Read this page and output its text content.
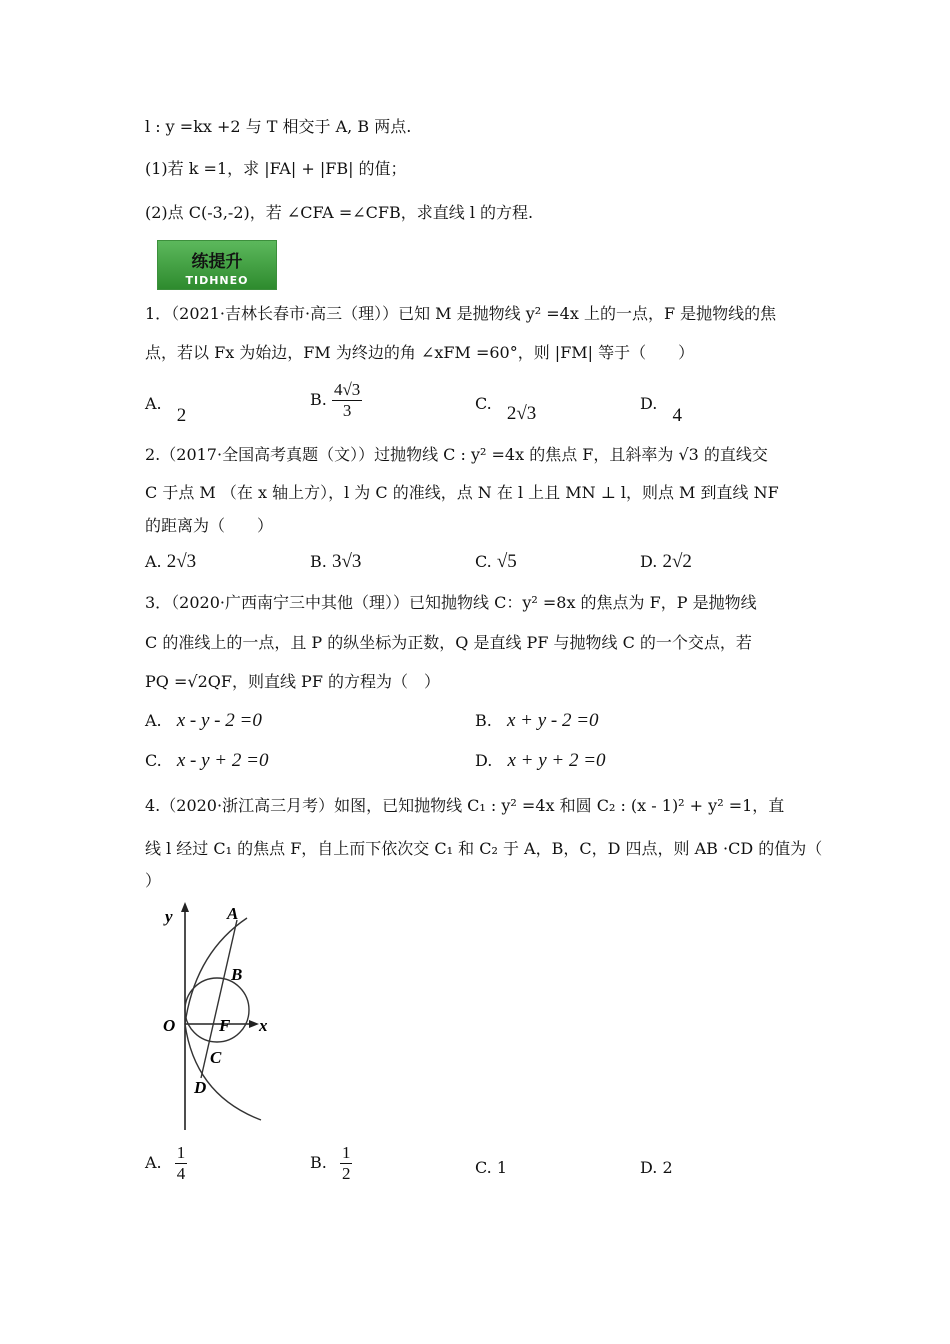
l : y =kx +2 与 T 相交于 A, B 两点.
(1)若 k =1，求 |FA| + |FB| 的值；
(2)点 C(-3,-2)，若 ∠CFA =∠CFB，求直线 l 的方程.
练提升
TIDHNEO
1．（2021·吉林长春市·高三（理））已知 M 是抛物线 y² =4x 上的一点，F 是抛物线的焦
点，若以 Fx 为始边，FM 为终边的角 ∠xFM =60°，则 |FM| 等于（　　）
A. 2
B. $\frac{4√3}{3}$	C. 2√3	D. 4
2.（2017·全国高考真题（文））过抛物线 C : y² =4x 的焦点 F，且斜率为 √3 的直线交
C 于点 M （在 x 轴上方），l 为 C 的准线，点 N 在 l 上且 MN ⊥ l，则点 M 到直线 NF
的距离为（　　）
A. 2√3	B. 3√3	C. √5	D. 2√2
3．（2020·广西南宁三中其他（理））已知抛物线 C：y² =8x 的焦点为 F，P 是抛物线
C 的准线上的一点，且 P 的纵坐标为正数，Q 是直线 PF 与抛物线 C 的一个交点，若
PQ =√2QF，则直线 PF 的方程为（　）
A. x - y - 2 =0	B. x + y - 2 =0
C. x - y + 2 =0	D. x + y + 2 =0
4.（2020·浙江高三月考）如图，已知抛物线 C₁ : y² =4x 和圆 C₂ : (x - 1)² + y² =1，直
线 l 经过 C₁ 的焦点 F，自上而下依次交 C₁ 和 C₂ 于 A，B，C，D 四点，则 AB ·CD 的值为（
）
A
B
F
C
D
O	x
y
A. $\frac{1}{4}$	B. $\frac{1}{2}$	C. 1	D. 2
